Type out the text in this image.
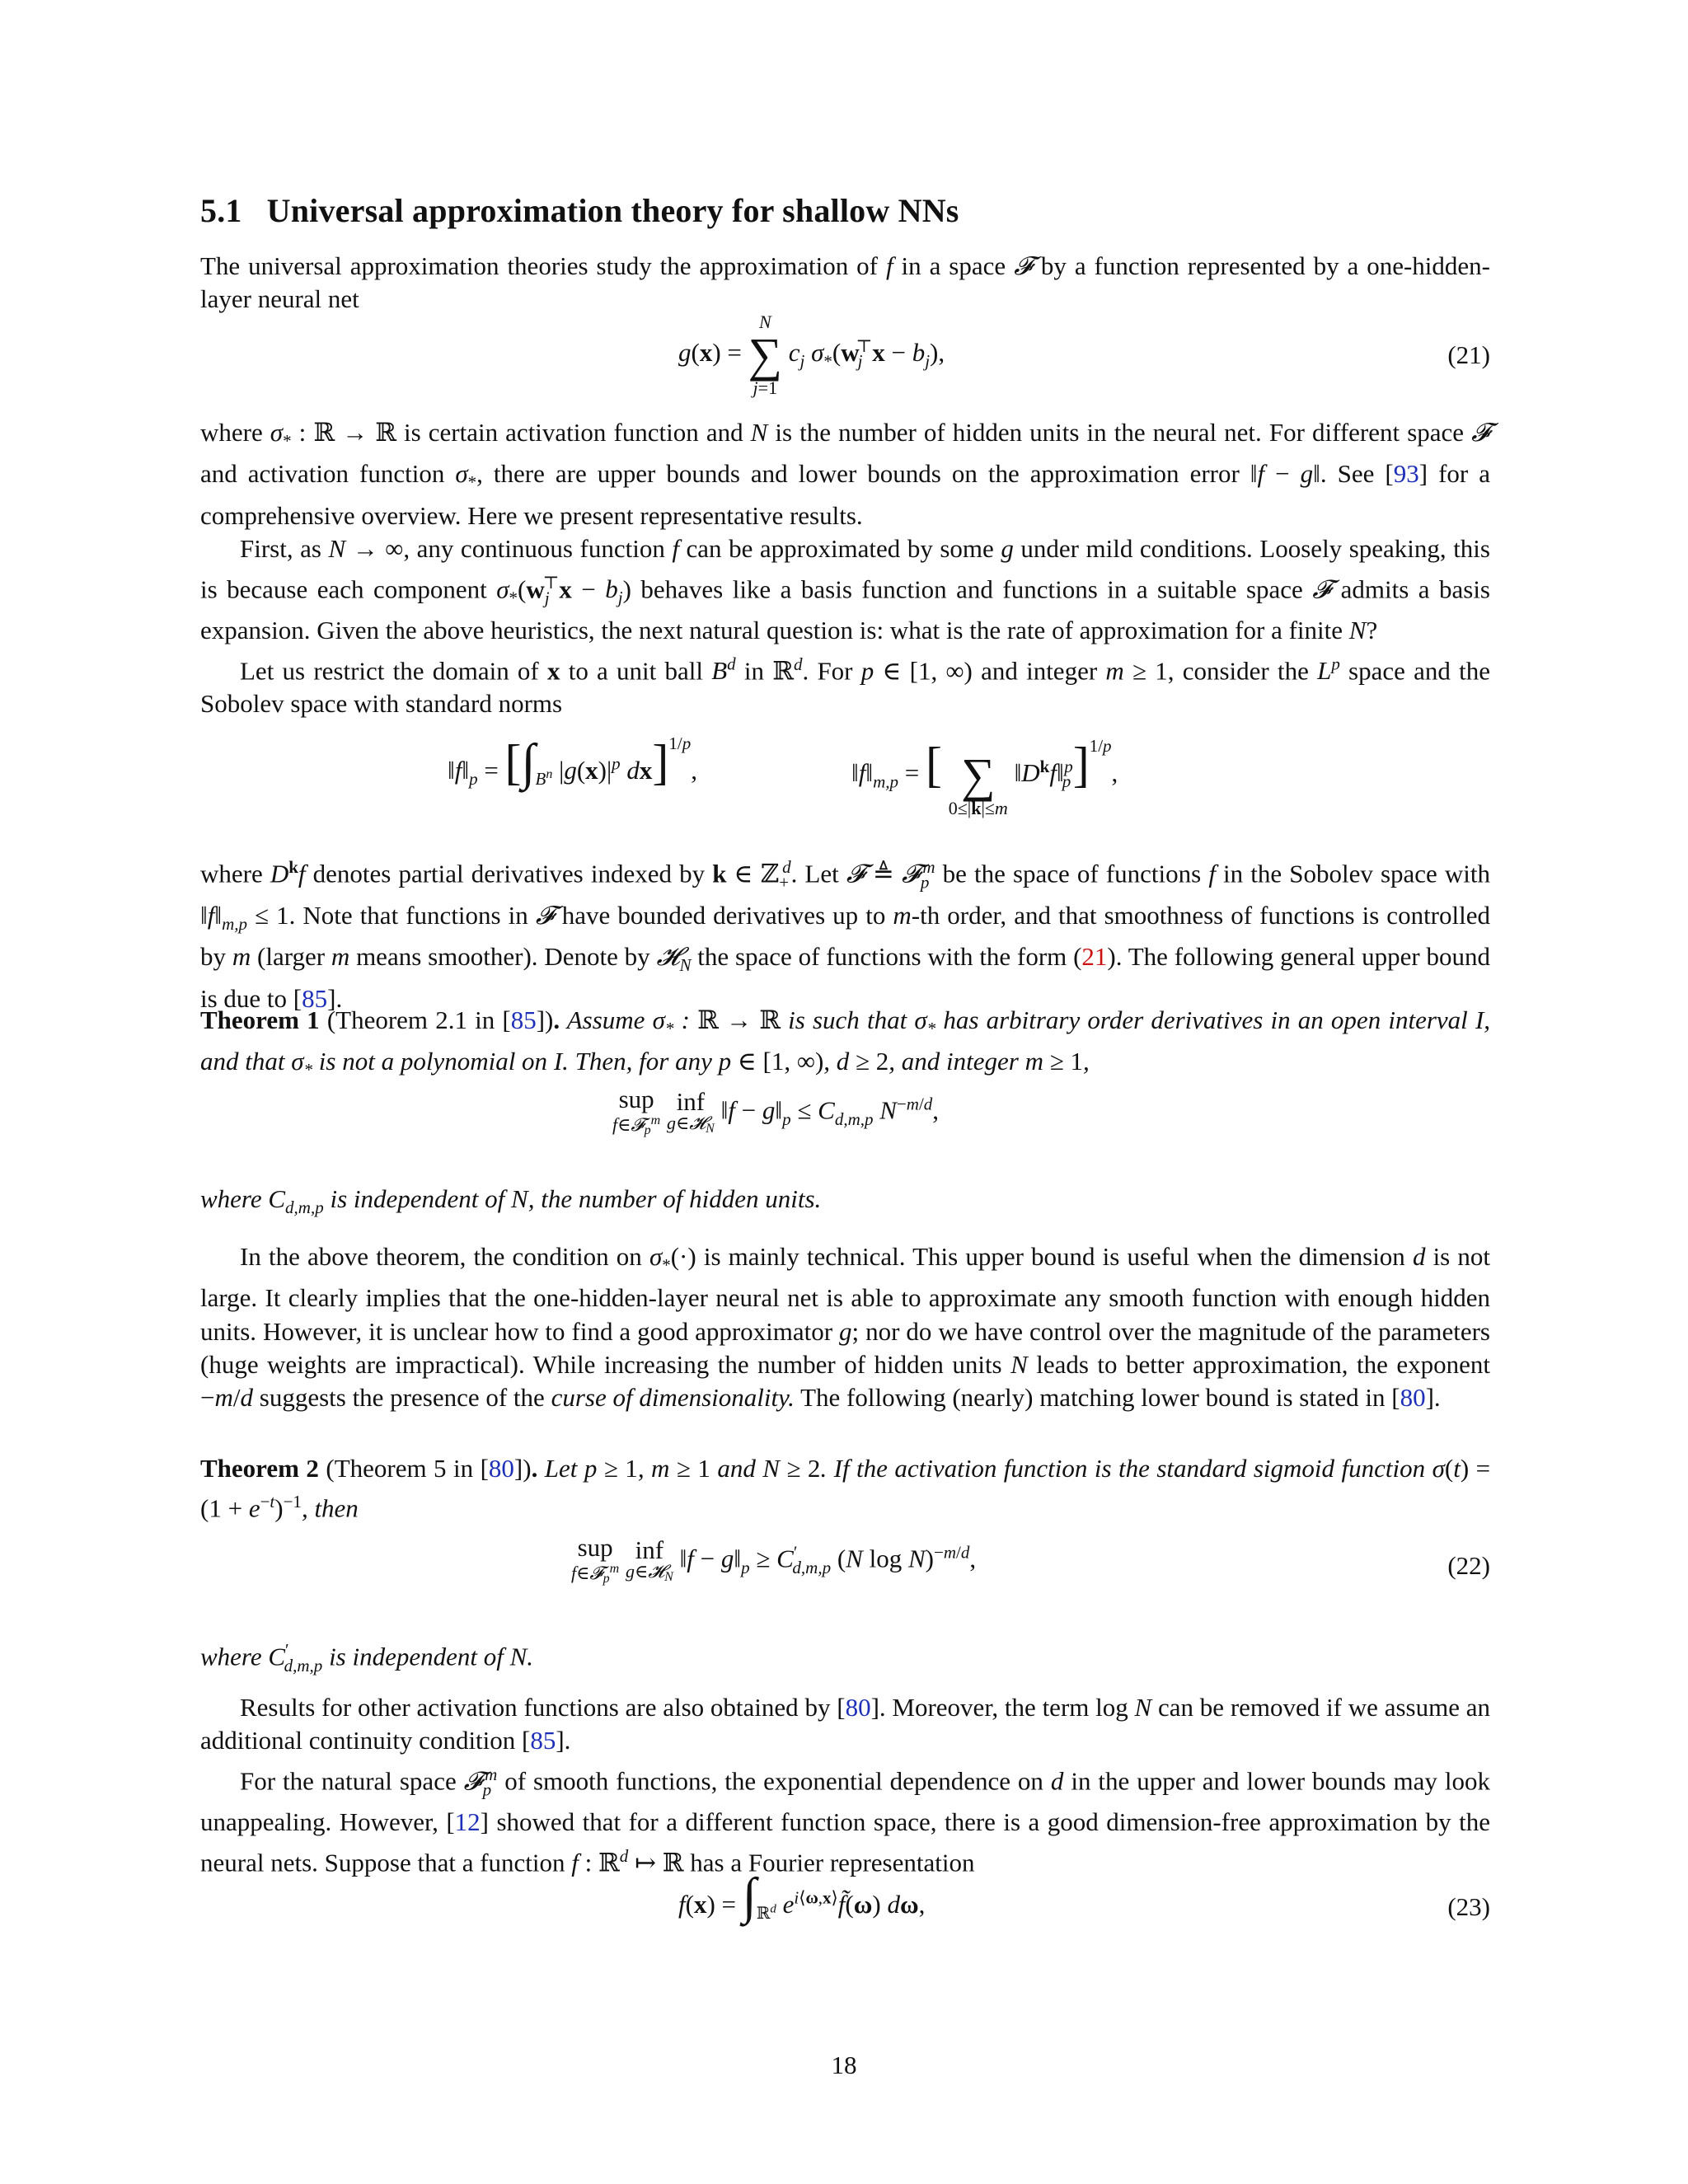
5.1 Universal approximation theory for shallow NNs

The universal approximation theories study the approximation of f in a space 𝓕 by a function represented by a one-hidden-layer neural net

g(x) =
N
∑
j=1
$c_j$ $\sigma_*(w_j^⊤x - b_j)$,	(21)

where $\sigma_*$ : ℝ → ℝ is certain activation function and N is the number of hidden units in the neural net. For different space 𝓕 and activation function $\sigma_*$, there are upper bounds and lower bounds on the approximation error ‖f − g‖. See [93] for a comprehensive overview. Here we present representative results.

First, as N → ∞, any continuous function f can be approximated by some g under mild conditions. Loosely speaking, this is because each component $\sigma_*(w_j^⊤x - b_j)$ behaves like a basis function and functions in a suitable space 𝓕 admits a basis expansion. Given the above heuristics, the next natural question is: what is the rate of approximation for a finite N?

Let us restrict the domain of x to a unit ball $B^d$ in ℝ$^d$. For p ∈ [1, ∞) and integer m ≥ 1, consider the $L^p$ space and the Sobolev space with standard norms

$‖f‖_p = [\int_{B^n}$ $|g(x)|^p$ dx]$^{1/p}$,	$‖f‖_{m,p}$ = [
∑
0≤|k|≤m
$‖D^kf‖_p^p]^{1/p}$,

where $D^kf$ denotes partial derivatives indexed by k ∈ ℤ$_+^d$. Let 𝓕 ≜ 𝓕$_p^m$ be the space of functions f in the Sobolev space with $‖f‖_{m,p} \le 1$. Note that functions in 𝓕 have bounded derivatives up to m-th order, and that smoothness of functions is controlled by m (larger m means smoother). Denote by 𝓗$_N$ the space of functions with the form (21). The following general upper bound is due to [85].

Theorem 1 (Theorem 2.1 in [85]). Assume $\sigma_*$ : ℝ → ℝ is such that $\sigma_*$ has arbitrary order derivatives in an open interval I, and that $\sigma_*$ is not a polynomial on I. Then, for any p ∈ [1, ∞), d ≥ 2, and integer m ≥ 1,

sup
f∈𝓕p$^m$

inf
g∈𝓗N
‖f − $g‖_p \le C_{d,m,p}$ $N^{-m/d}$,

where $C_{d,m,p}$ is independent of N, the number of hidden units.

In the above theorem, the condition on $\sigma_*(\cdot)$ is mainly technical. This upper bound is useful when the dimension d is not large. It clearly implies that the one-hidden-layer neural net is able to approximate any smooth function with enough hidden units. However, it is unclear how to find a good approximator g; nor do we have control over the magnitude of the parameters (huge weights are impractical). While increasing the number of hidden units N leads to better approximation, the exponent −m/d suggests the presence of the curse of dimensionality. The following (nearly) matching lower bound is stated in [80].

Theorem 2 (Theorem 5 in [80]). Let p ≥ 1, m ≥ 1 and N ≥ 2. If the activation function is the standard sigmoid function $\sigma(t) = (1 + e^{-t})^{-1}$, then

sup
f∈𝓕p$^m$

inf
g∈𝓗N
‖f − $g‖_p \ge C'_{d,m,p}$ (N log N)$^{-m/d}$,	(22)

where $C'_{d,m,p}$ is independent of N.

Results for other activation functions are also obtained by [80]. Moreover, the term log N can be removed if we assume an additional continuity condition [85].

For the natural space 𝓕$_p^m$ of smooth functions, the exponential dependence on d in the upper and lower bounds may look unappealing. However, [12] showed that for a different function space, there is a good dimension-free approximation by the neural nets. Suppose that a function f : ℝ$^d$ ↦ ℝ has a Fourier representation

$f(x) = \int_{ℝ^d}$ $e^{i⟨\omega,x⟩}f̃(\omega)$ dω,	(23)
18
